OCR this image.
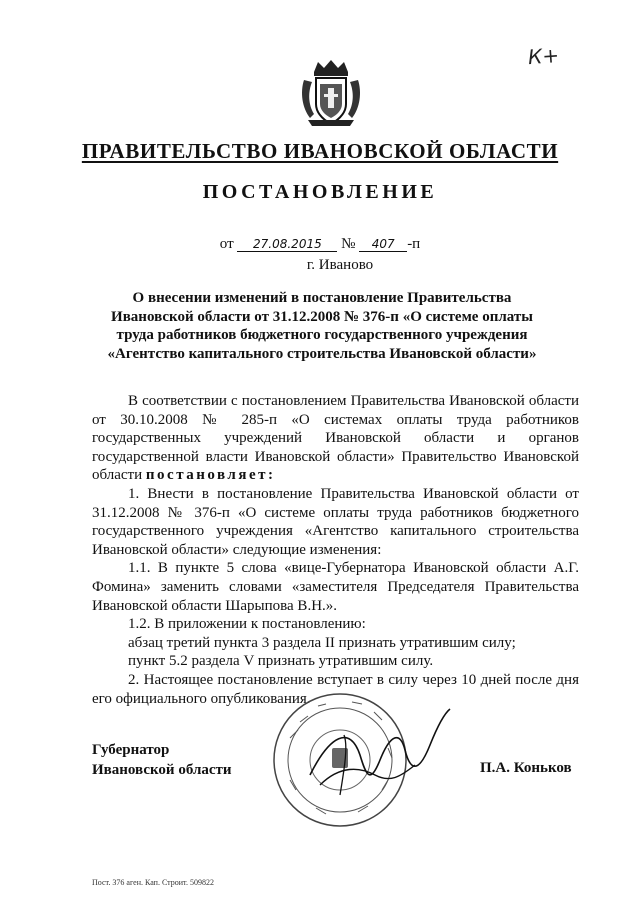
К+
ПРАВИТЕЛЬСТВО ИВАНОВСКОЙ ОБЛАСТИ
ПОСТАНОВЛЕНИЕ
от 27.08.2015 № 407 -п
г. Иваново
О внесении изменений в постановление Правительства Ивановской области от 31.12.2008 № 376-п «О системе оплаты труда работников бюджетного государственного учреждения «Агентство капитального строительства Ивановской области»

В соответствии с постановлением Правительства Ивановской области от 30.10.2008 № 285-п «О системах оплаты труда работников государственных учреждений Ивановской области и органов государственной власти Ивановской области» Правительство Ивановской области постановляет:

1. Внести в постановление Правительства Ивановской области от 31.12.2008 № 376-п «О системе оплаты труда работников бюджетного государственного учреждения «Агентство капитального строительства Ивановской области» следующие изменения:

1.1. В пункте 5 слова «вице-Губернатора Ивановской области А.Г. Фомина» заменить словами «заместителя Председателя Правительства Ивановской области Шарыпова В.Н.».

1.2. В приложении к постановлению:

абзац третий пункта 3 раздела II признать утратившим силу;

пункт 5.2 раздела V признать утратившим силу.

2. Настоящее постановление вступает в силу через 10 дней после дня его официального опубликования.

Губернатор
Ивановской области	П.А. Коньков
Пост. 376 аген. Кап. Строит. 509822
